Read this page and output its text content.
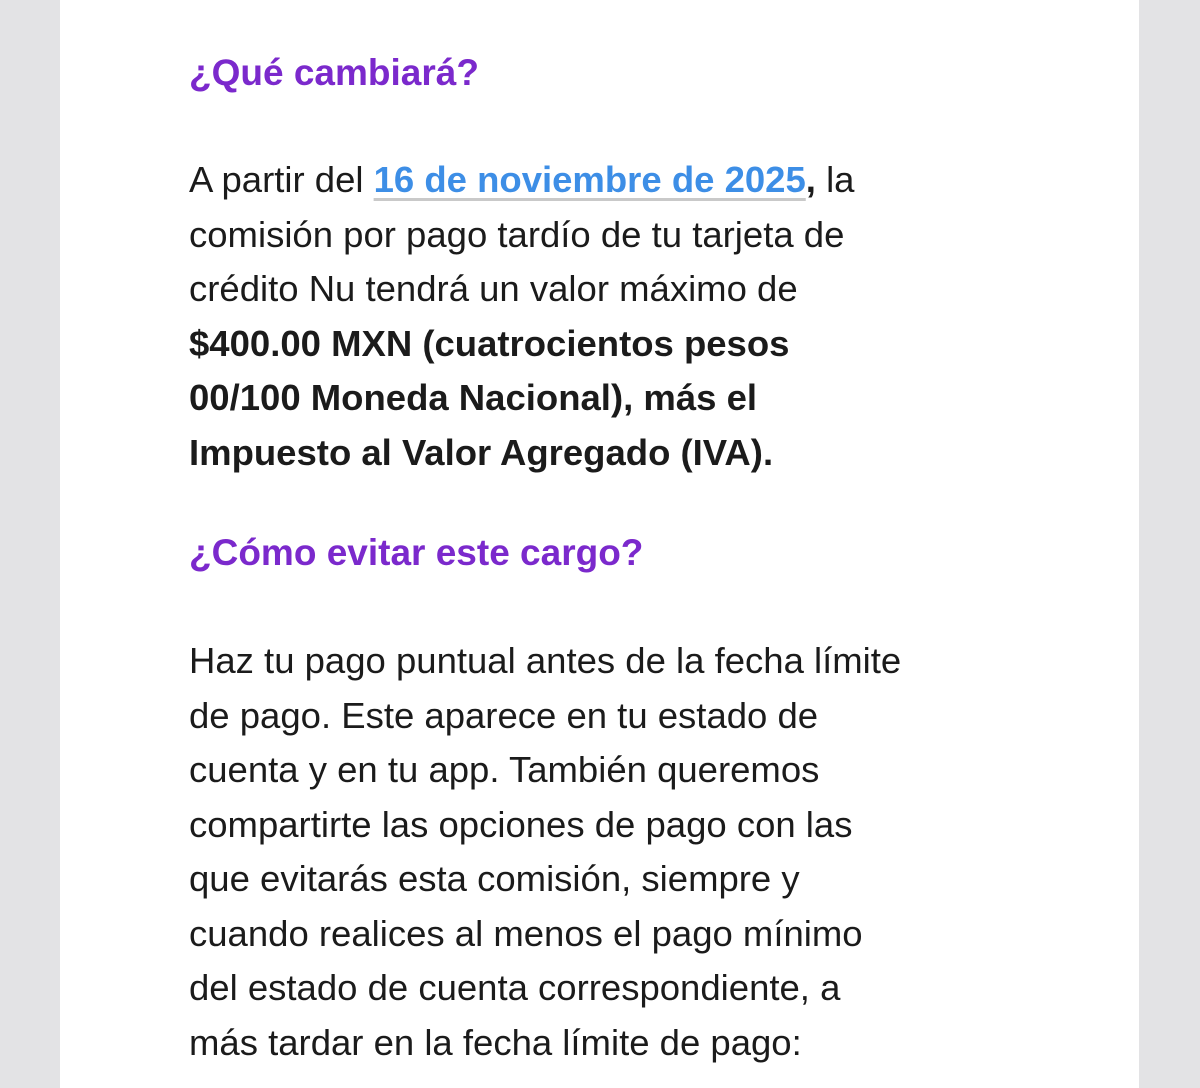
¿Qué cambiará?

A partir del 16 de noviembre de 2025, la
comisión por pago tardío de tu tarjeta de
crédito Nu tendrá un valor máximo de
$400.00 MXN (cuatrocientos pesos
00/100 Moneda Nacional), más el
Impuesto al Valor Agregado (IVA).

¿Cómo evitar este cargo?

Haz tu pago puntual antes de la fecha límite
de pago. Este aparece en tu estado de
cuenta y en tu app. También queremos
compartirte las opciones de pago con las
que evitarás esta comisión, siempre y
cuando realices al menos el pago mínimo
del estado de cuenta correspondiente, a
más tardar en la fecha límite de pago:
